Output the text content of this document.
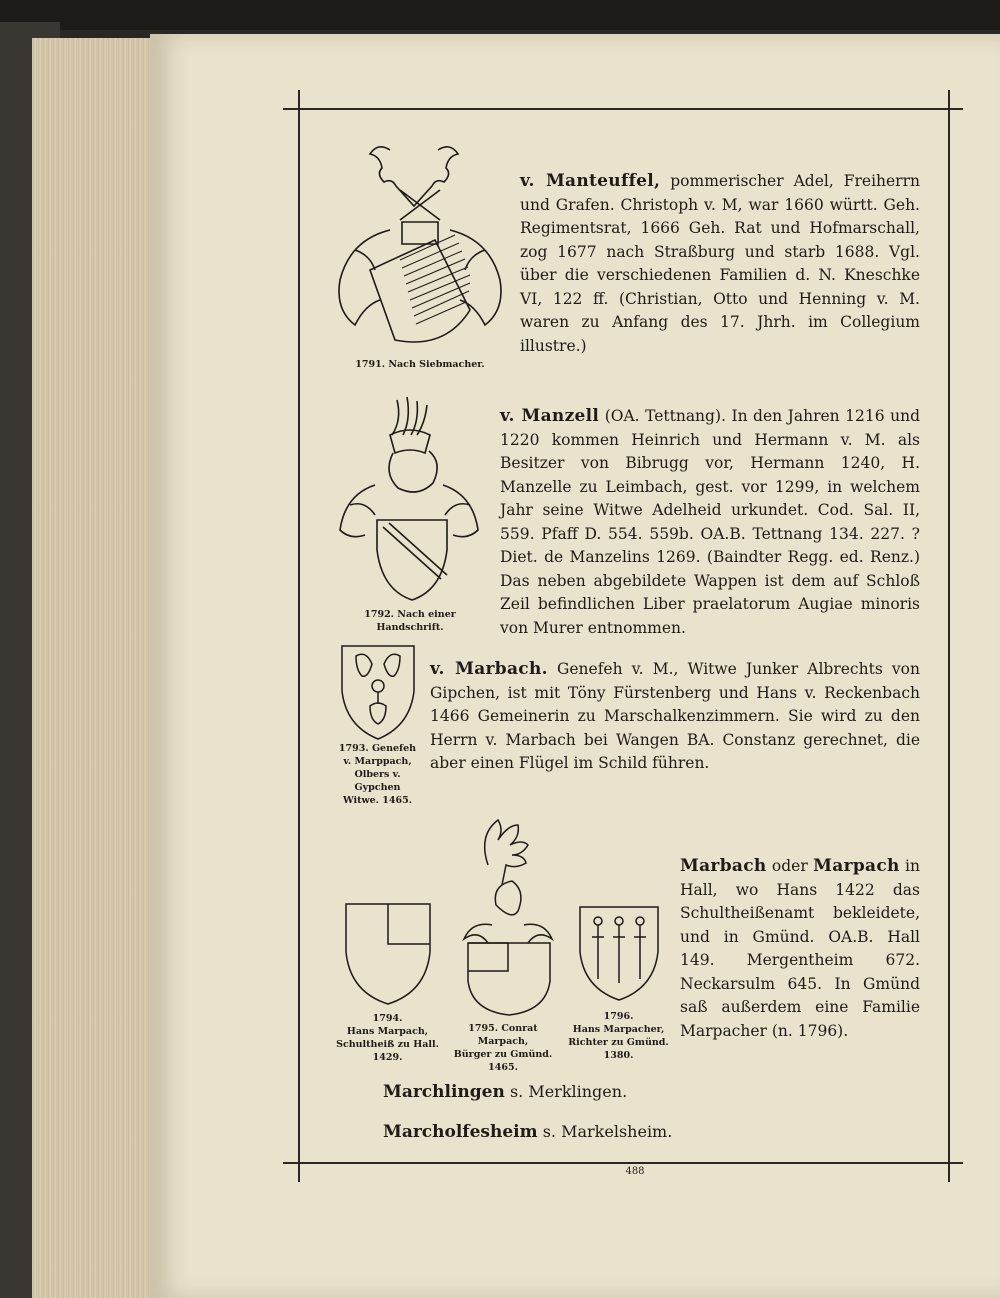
1791. Nach Siebmacher.
v. Manteuffel, pommerischer Adel, Freiherrn und Grafen. Christoph v. M, war 1660 württ. Geh. Regimentsrat, 1666 Geh. Rat und Hofmarschall, zog 1677 nach Straßburg und starb 1688. Vgl. über die verschiedenen Familien d. N. Kneschke VI, 122 ff. (Christian, Otto und Henning v. M. waren zu Anfang des 17. Jhrh. im Collegium illustre.)
1792. Nach einer Handschrift.
v. Manzell (OA. Tettnang). In den Jahren 1216 und 1220 kommen Heinrich und Hermann v. M. als Besitzer von Bibrugg vor, Hermann 1240, H. Manzelle zu Leimbach, gest. vor 1299, in welchem Jahr seine Witwe Adelheid urkundet. Cod. Sal. II, 559. Pfaff D. 554. 559b. OA.B. Tettnang 134. 227. ? Diet. de Manzelins 1269. (Baindter Regg. ed. Renz.) Das neben abgebildete Wappen ist dem auf Schloß Zeil befindlichen Liber praelatorum Augiae minoris von Murer entnommen.
1793. Genefeh
v. Marppach,
Olbers v. Gypchen
Witwe. 1465.
v. Marbach. Genefeh v. M., Witwe Junker Albrechts von Gipchen, ist mit Töny Fürstenberg und Hans v. Reckenbach 1466 Gemeinerin zu Marschalkenzimmern. Sie wird zu den Herrn v. Marbach bei Wangen BA. Constanz gerechnet, die aber einen Flügel im Schild führen.
Marbach oder Marpach in Hall, wo Hans 1422 das Schultheißenamt bekleidete, und in Gmünd. OA.B. Hall 149. Mergentheim 672. Neckarsulm 645. In Gmünd saß außerdem eine Familie Marpacher (n. 1796).
1794.
Hans Marpach,
Schultheiß zu Hall.
1429.
1795. Conrat Marpach,
Bürger zu Gmünd.
1465.
1796.
Hans Marpacher,
Richter zu Gmünd.
1380.
Marchlingen s. Merklingen.
Marcholfesheim s. Markelsheim.
488
